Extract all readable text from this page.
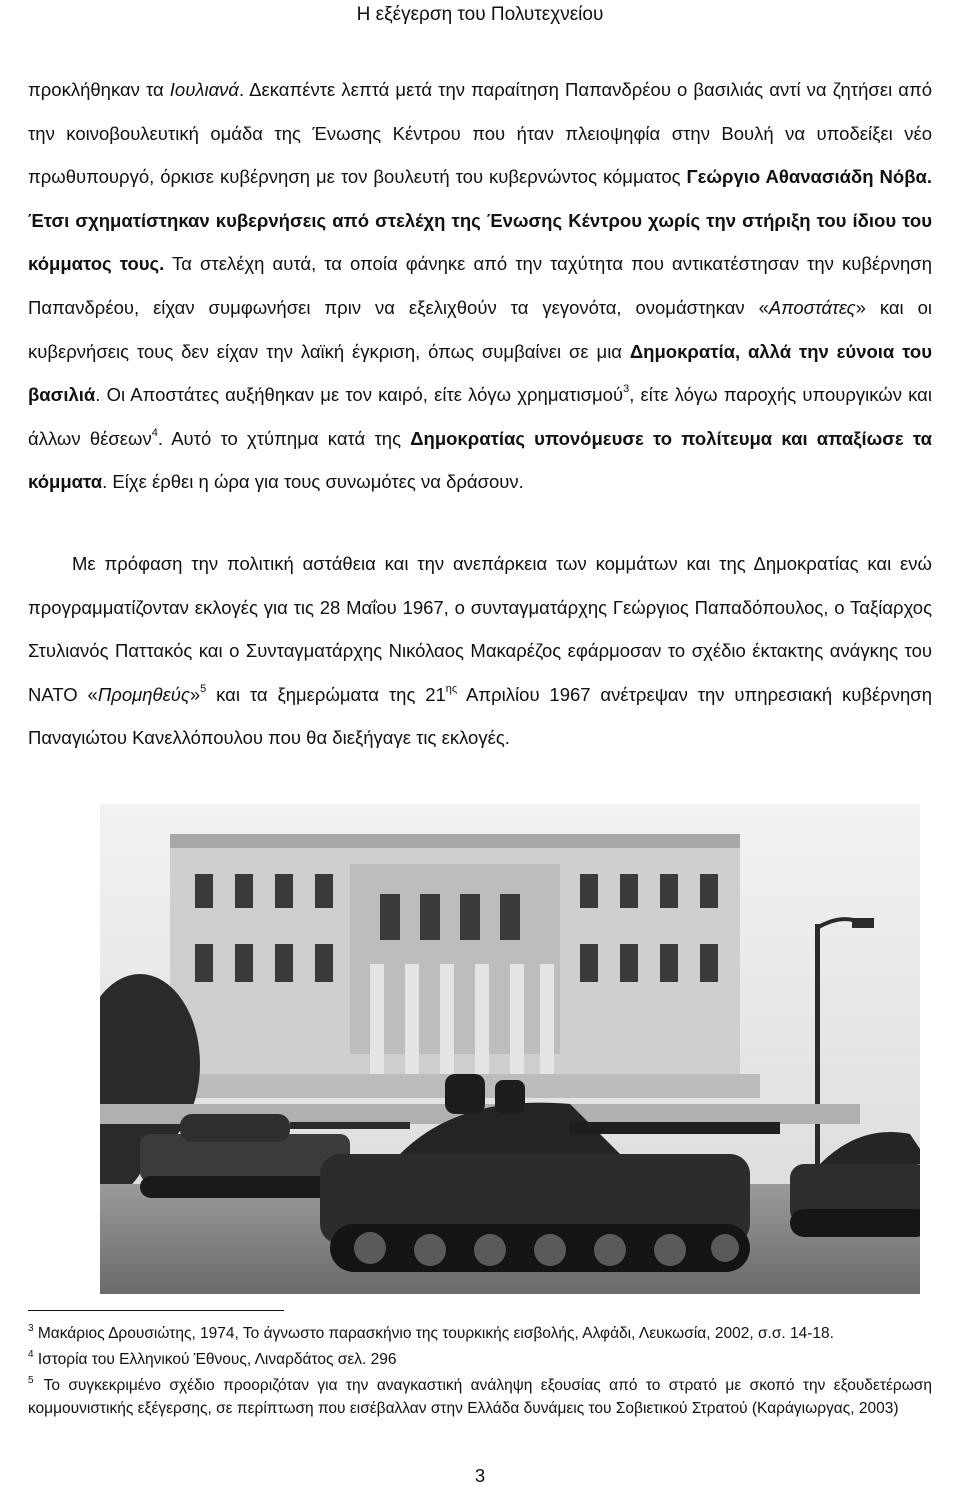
Η εξέγερση του Πολυτεχνείου

προκλήθηκαν τα Ιουλιανά. Δεκαπέντε λεπτά μετά την παραίτηση Παπανδρέου ο βασιλιάς αντί να ζητήσει από την κοινοβουλευτική ομάδα της Ένωσης Κέντρου που ήταν πλειοψηφία στην Βουλή να υποδείξει νέο πρωθυπουργό, όρκισε κυβέρνηση με τον βουλευτή του κυβερνώντος κόμματος Γεώργιο Αθανασιάδη Νόβα. Έτσι σχηματίστηκαν κυβερνήσεις από στελέχη της Ένωσης Κέντρου χωρίς την στήριξη του ίδιου του κόμματος τους. Τα στελέχη αυτά, τα οποία φάνηκε από την ταχύτητα που αντικατέστησαν την κυβέρνηση Παπανδρέου, είχαν συμφωνήσει πριν να εξελιχθούν τα γεγονότα, ονομάστηκαν «Αποστάτες» και οι κυβερνήσεις τους δεν είχαν την λαϊκή έγκριση, όπως συμβαίνει σε μια Δημοκρατία, αλλά την εύνοια του βασιλιά. Οι Αποστάτες αυξήθηκαν με τον καιρό, είτε λόγω χρηματισμού$^3$, είτε λόγω παροχής υπουργικών και άλλων θέσεων$^4$. Αυτό το χτύπημα κατά της Δημοκρατίας υπονόμευσε το πολίτευμα και απαξίωσε τα κόμματα. Είχε έρθει η ώρα για τους συνωμότες να δράσουν.

Με πρόφαση την πολιτική αστάθεια και την ανεπάρκεια των κομμάτων και της Δημοκρατίας και ενώ προγραμματίζονταν εκλογές για τις 28 Μαΐου 1967, ο συνταγματάρχης Γεώργιος Παπαδόπουλος, ο Ταξίαρχος Στυλιανός Παττακός και ο Συνταγματάρχης Νικόλαος Μακαρέζος εφάρμοσαν το σχέδιο έκτακτης ανάγκης του ΝΑΤΟ «Προμηθεύς»$^5$ και τα ξημερώματα της $21^{\eta\varsigma}$ Απριλίου 1967 ανέτρεψαν την υπηρεσιακή κυβέρνηση Παναγιώτου Κανελλόπουλου που θα διεξήγαγε τις εκλογές.

$^3$ Μακάριος Δρουσιώτης, 1974, Το άγνωστο παρασκήνιο της τουρκικής εισβολής, Αλφάδι, Λευκωσία, 2002, σ.σ. 14-18.

$^4$ Ιστορία του Ελληνικού Έθνους, Λιναρδάτος σελ. 296

$^5$ Το συγκεκριμένο σχέδιο προοριζόταν για την αναγκαστική ανάληψη εξουσίας από το στρατό με σκοπό την εξουδετέρωση κομμουνιστικής εξέγερσης, σε περίπτωση που εισέβαλλαν στην Ελλάδα δυνάμεις του Σοβιετικού Στρατού (Καράγιωργας, 2003)

3
